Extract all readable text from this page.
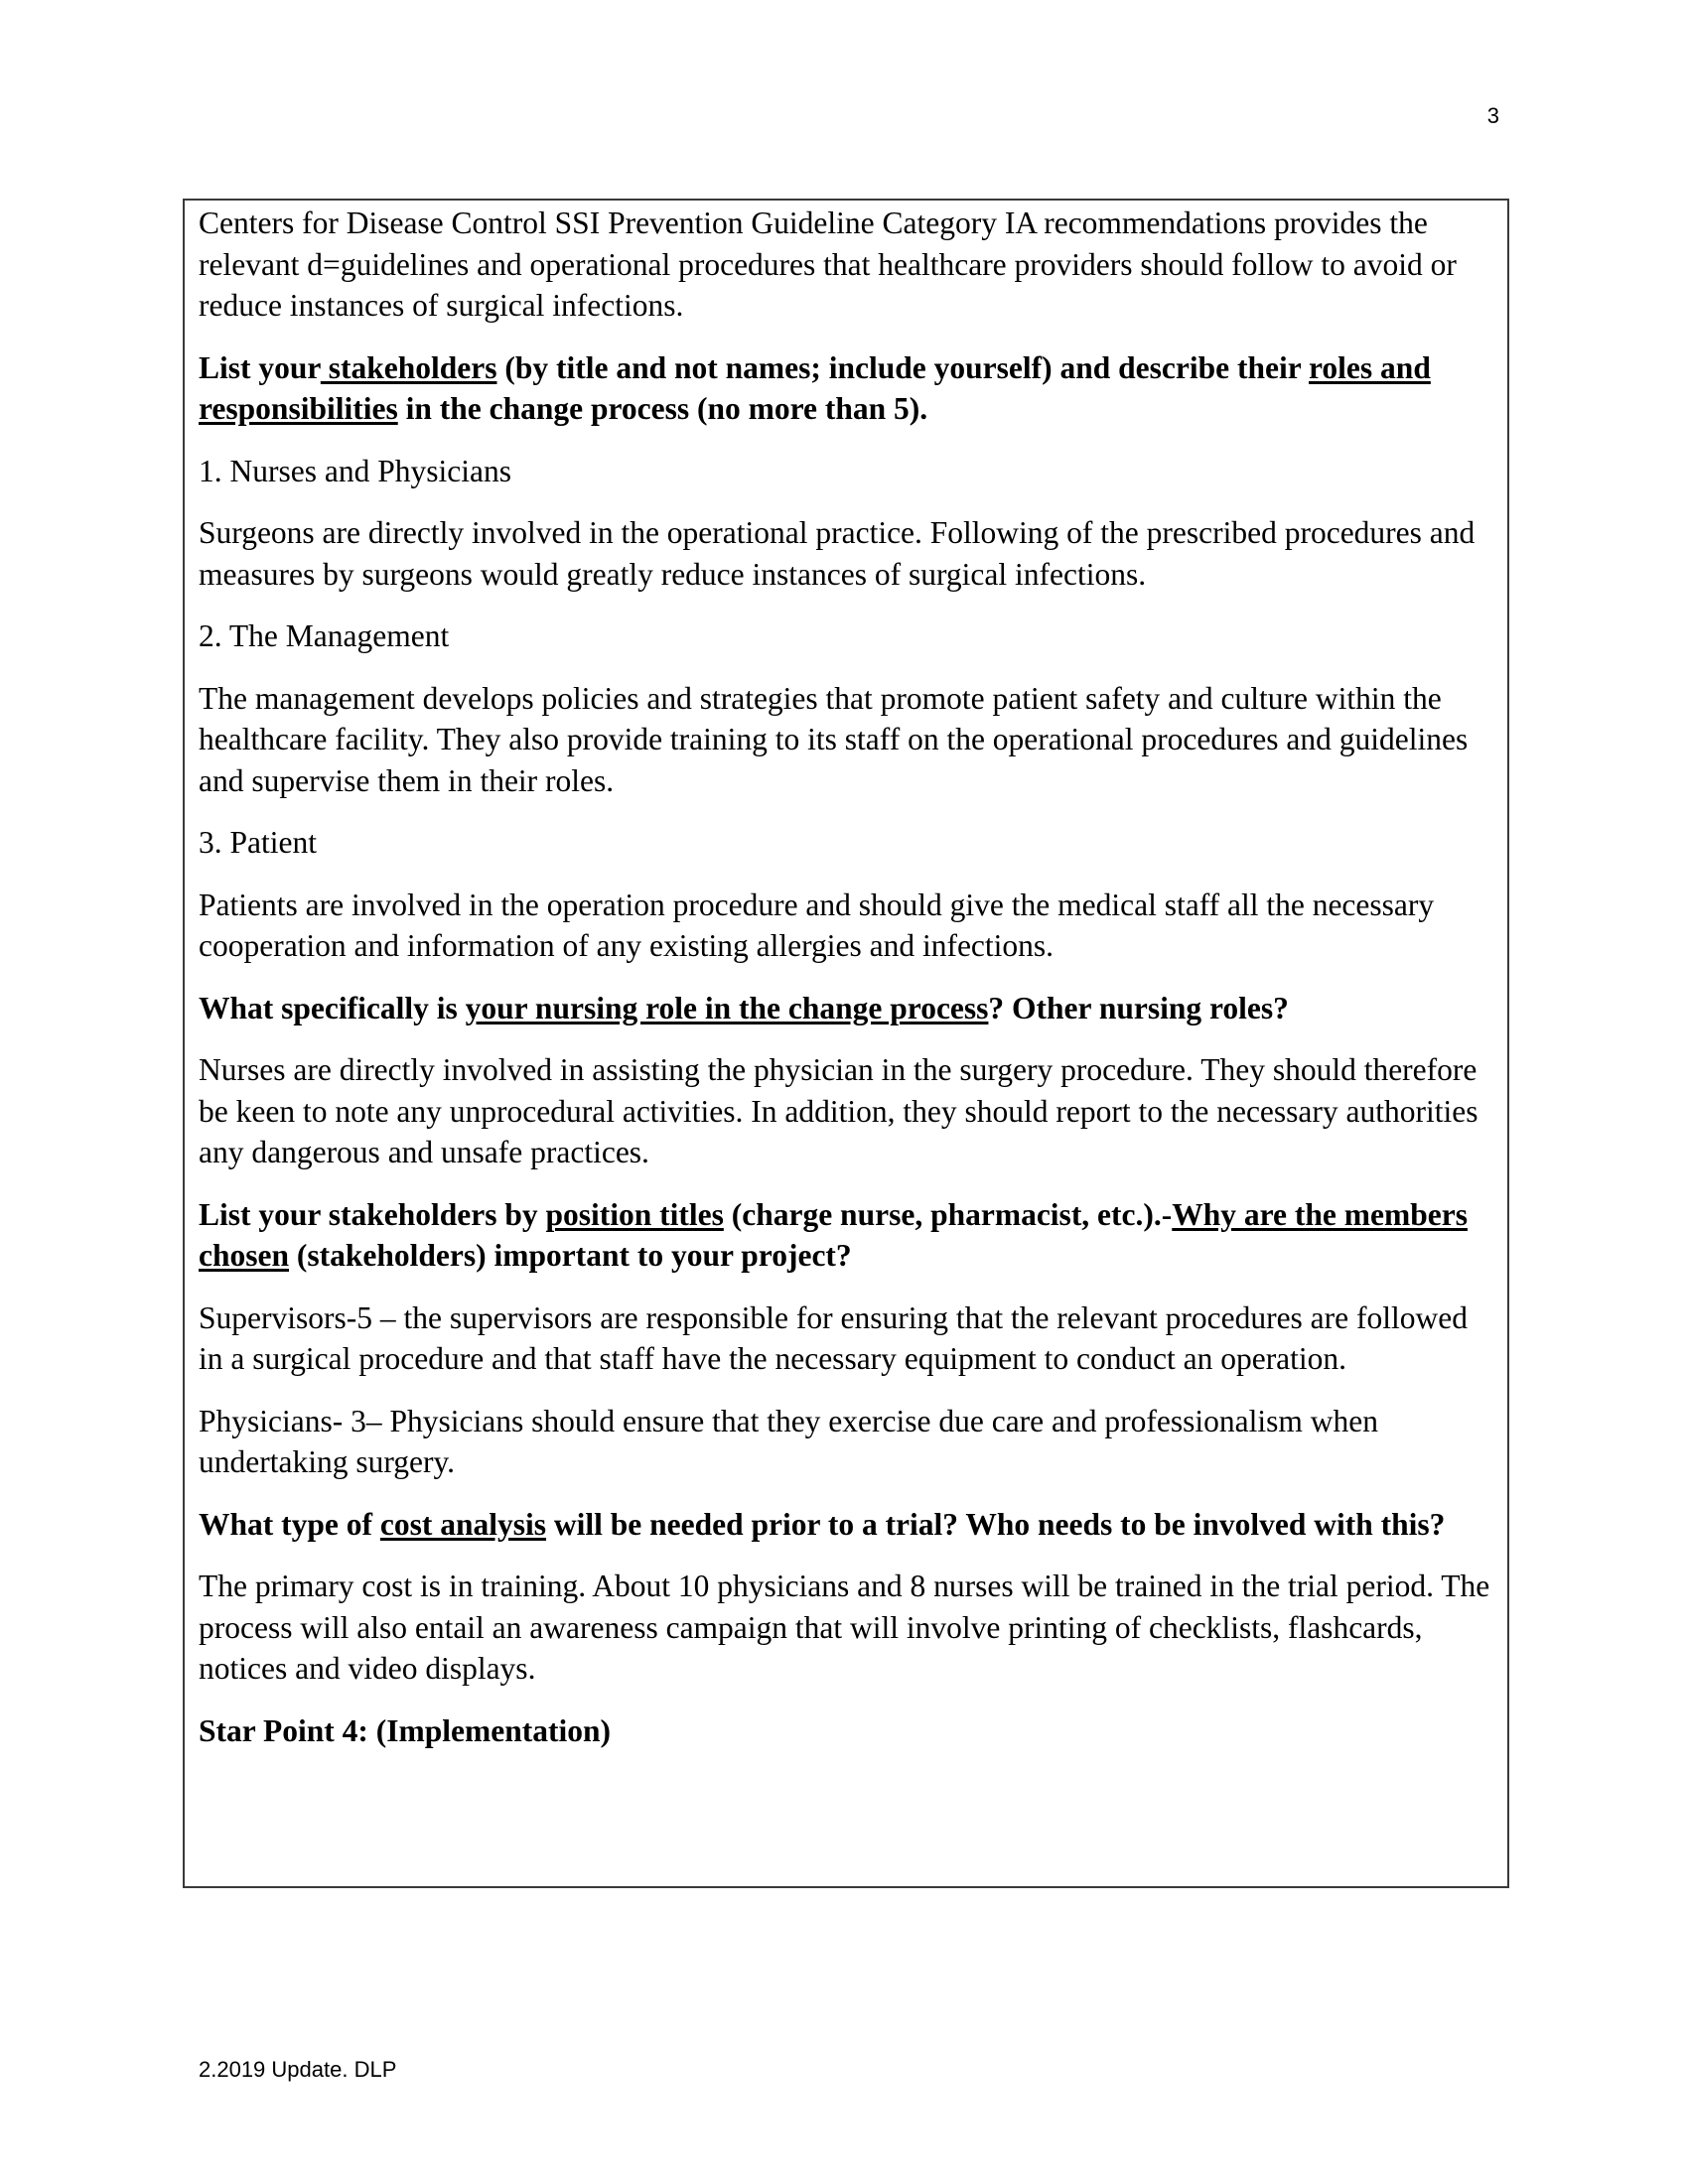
3

Centers for Disease Control SSI Prevention Guideline Category IA recommendations provides the relevant d=guidelines and operational procedures that healthcare providers should follow to avoid or reduce instances of surgical infections.

List your stakeholders (by title and not names; include yourself) and describe their roles and responsibilities in the change process (no more than 5).

1. Nurses and Physicians

Surgeons are directly involved in the operational practice. Following of the prescribed procedures and measures by surgeons would greatly reduce instances of surgical infections.

2. The Management

The management develops policies and strategies that promote patient safety and culture within the healthcare facility. They also provide training to its staff on the operational procedures and guidelines and supervise them in their roles.

3. Patient

Patients are involved in the operation procedure and should give the medical staff all the necessary cooperation and information of any existing allergies and infections.

What specifically is your nursing role in the change process? Other nursing roles?

Nurses are directly involved in assisting the physician in the surgery procedure. They should therefore be keen to note any unprocedural activities. In addition, they should report to the necessary authorities any dangerous and unsafe practices.

List your stakeholders by position titles (charge nurse, pharmacist, etc.).-Why are the members chosen (stakeholders) important to your project?

Supervisors-5 – the supervisors are responsible for ensuring that the relevant procedures are followed in a surgical procedure and that staff have the necessary equipment to conduct an operation.

Physicians- 3– Physicians should ensure that they exercise due care and professionalism when undertaking surgery.

What type of cost analysis will be needed prior to a trial? Who needs to be involved with this?

The primary cost is in training. About 10 physicians and 8 nurses will be trained in the trial period. The process will also entail an awareness campaign that will involve printing of checklists, flashcards, notices and video displays.

Star Point 4: (Implementation)

2.2019 Update. DLP
